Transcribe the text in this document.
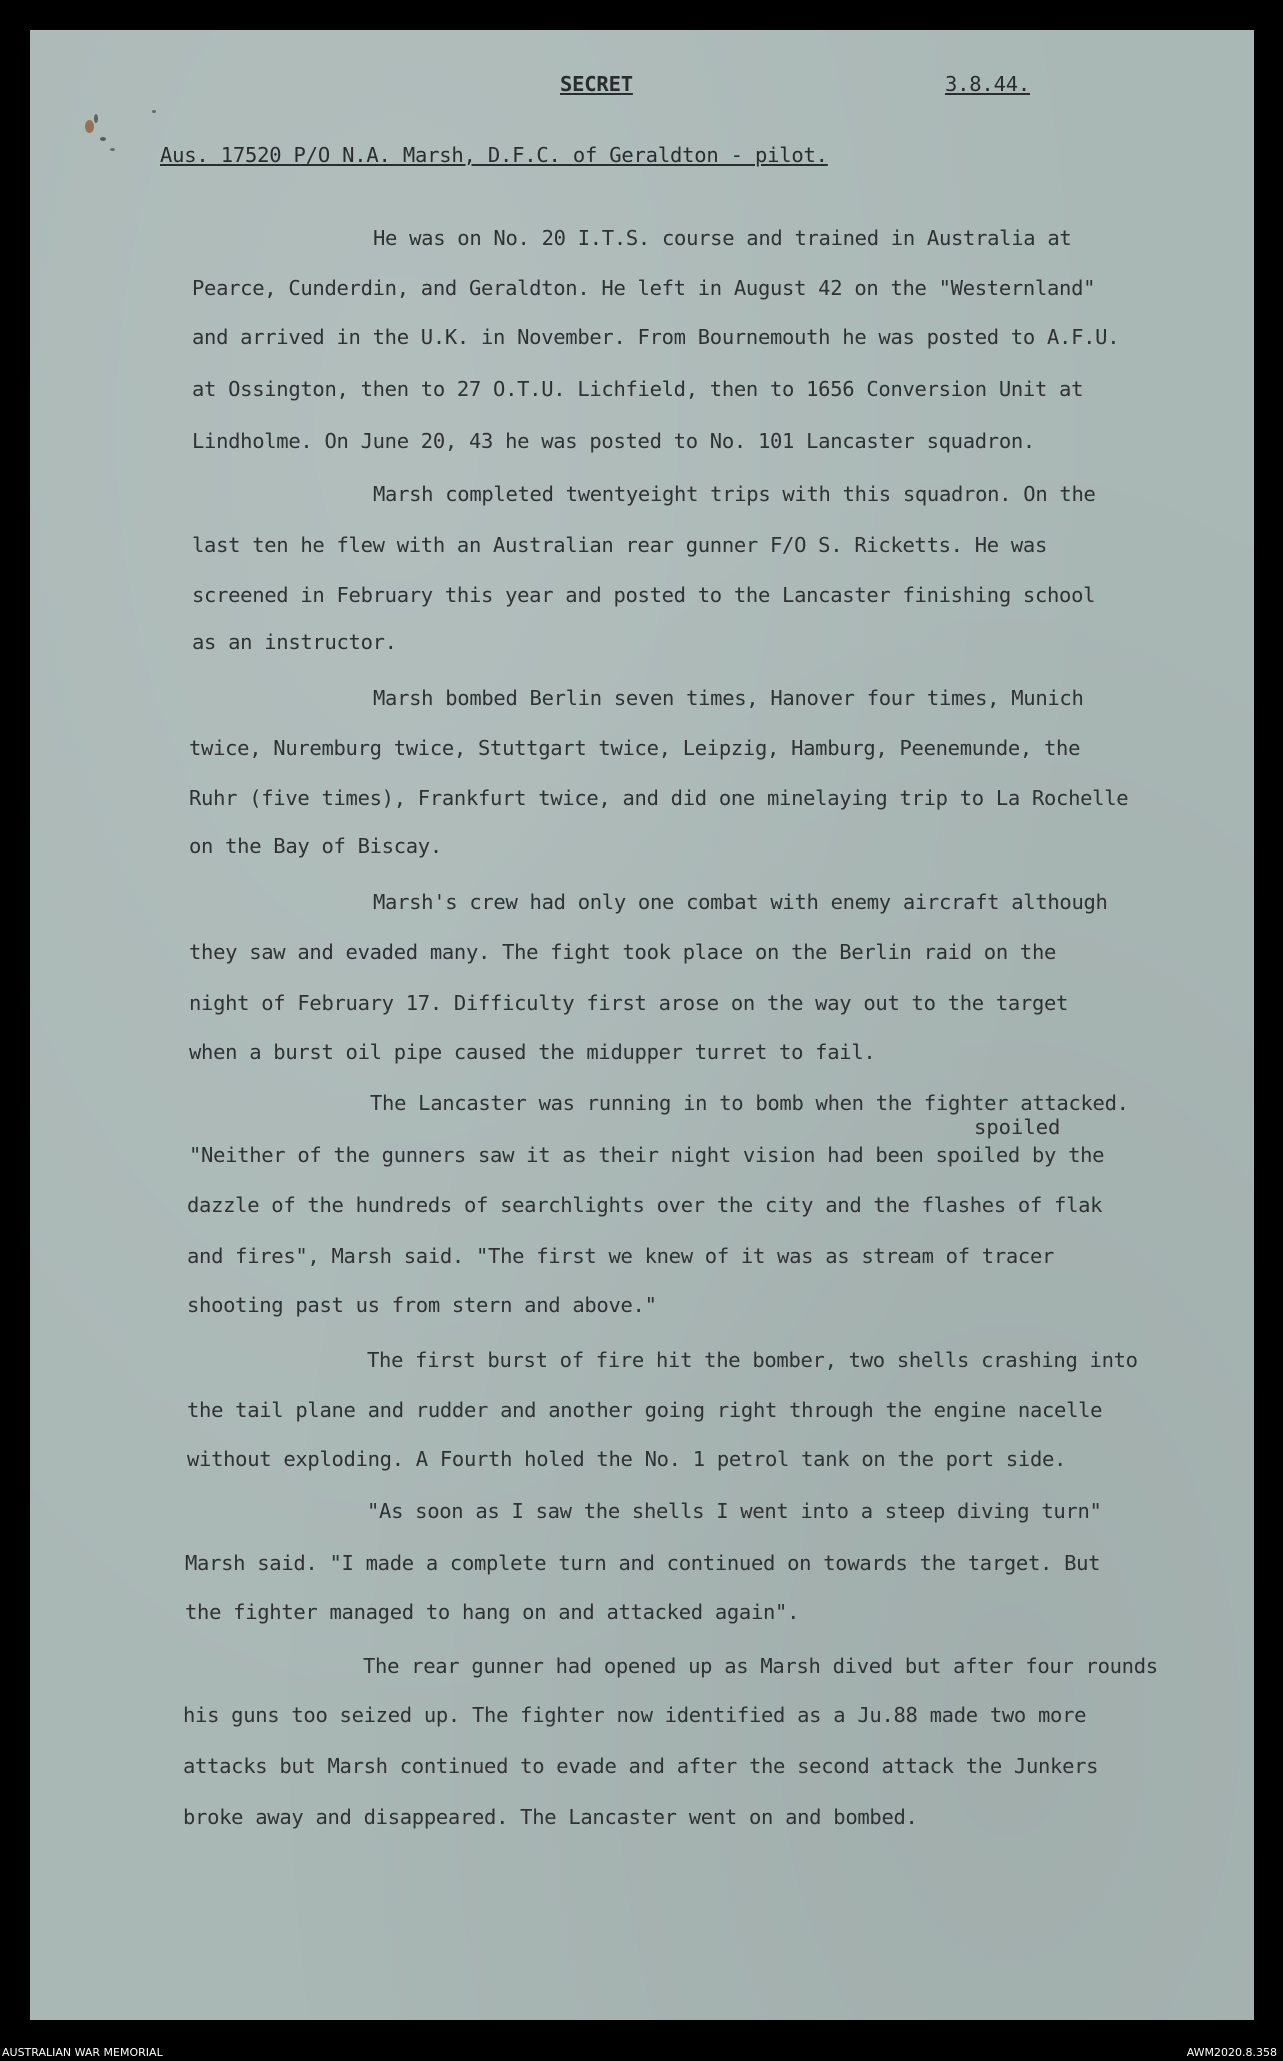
SECRET	3.8.44.
Aus. 17520 P/O N.A. Marsh, D.F.C. of Geraldton - pilot.
He was on No. 20 I.T.S. course and trained in Australia at
Pearce, Cunderdin, and Geraldton. He left in August 42 on the "Westernland"
and arrived in the U.K. in November. From Bournemouth he was posted to A.F.U.
at Ossington, then to 27 O.T.U. Lichfield, then to 1656 Conversion Unit at
Lindholme. On June 20, 43 he was posted to No. 101 Lancaster squadron.
Marsh completed twentyeight trips with this squadron. On the
last ten he flew with an Australian rear gunner F/O S. Ricketts. He was
screened in February this year and posted to the Lancaster finishing school
as an instructor.
Marsh bombed Berlin seven times, Hanover four times, Munich
twice, Nuremburg twice, Stuttgart twice, Leipzig, Hamburg, Peenemunde, the
Ruhr (five times), Frankfurt twice, and did one minelaying trip to La Rochelle
on the Bay of Biscay.
Marsh's crew had only one combat with enemy aircraft although
they saw and evaded many. The fight took place on the Berlin raid on the
night of February 17. Difficulty first arose on the way out to the target
when a burst oil pipe caused the midupper turret to fail.
The Lancaster was running in to bomb when the fighter attacked.
spoiled
"Neither of the gunners saw it as their night vision had been spoiled by the
dazzle of the hundreds of searchlights over the city and the flashes of flak
and fires", Marsh said. "The first we knew of it was as stream of tracer
shooting past us from stern and above."
The first burst of fire hit the bomber, two shells crashing into
the tail plane and rudder and another going right through the engine nacelle
without exploding. A Fourth holed the No. 1 petrol tank on the port side.
"As soon as I saw the shells I went into a steep diving turn"
Marsh said. "I made a complete turn and continued on towards the target. But
the fighter managed to hang on and attacked again".
The rear gunner had opened up as Marsh dived but after four rounds
his guns too seized up. The fighter now identified as a Ju.88 made two more
attacks but Marsh continued to evade and after the second attack the Junkers
broke away and disappeared. The Lancaster went on and bombed.
AUSTRALIAN WAR MEMORIAL	AWM2020.8.358
